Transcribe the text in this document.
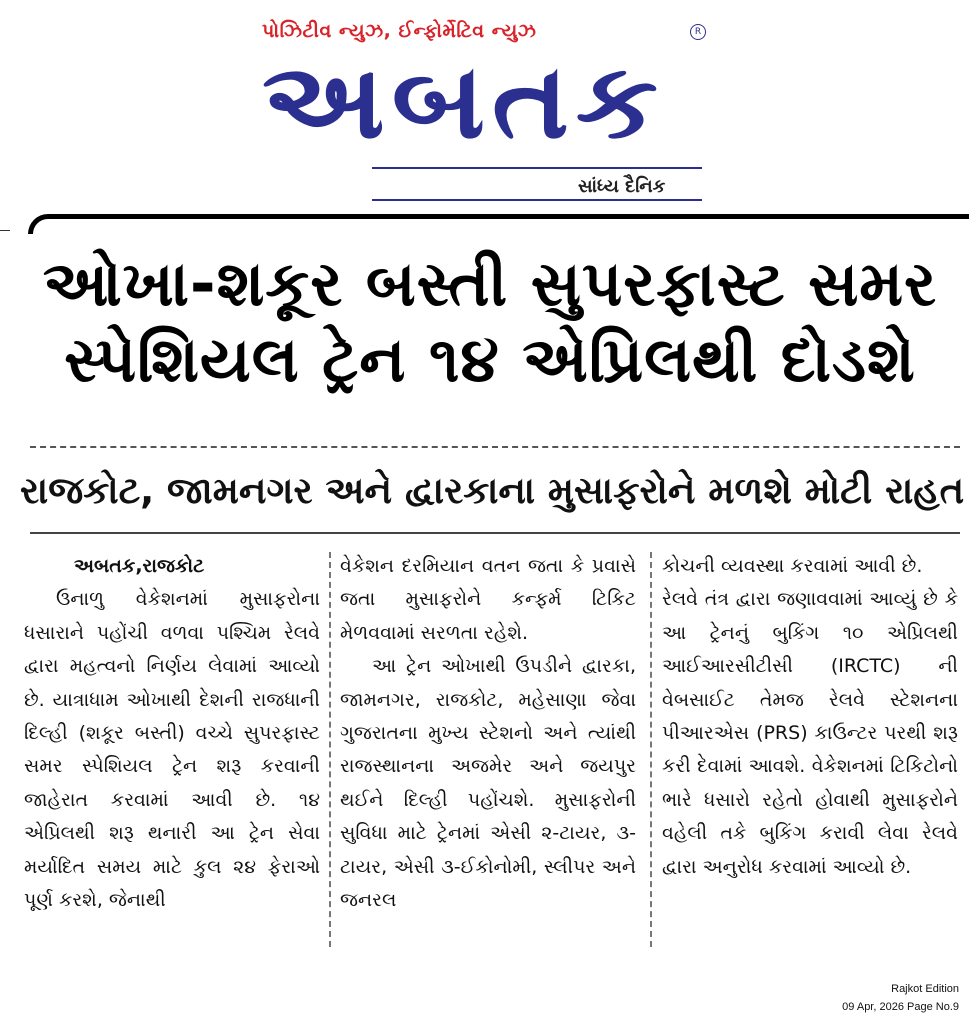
પોઝિટીવ ન્યુઝ, ઈન્ફોર્મેટિવ ન્યુઝ	R
અબતક
સાંધ્ય દૈનિક
ઓખા-શકૂર બસ્તી સુપરફાસ્ટ સમર
સ્પેશિયલ ટ્રેન ૧૪ એપ્રિલથી દોડશે
રાજકોટ, જામનગર અને દ્વારકાના મુસાફરોને મળશે મોટી રાહત
અબતક,રાજકોટ

ઉનાળુ વેકેશનમાં મુસાફરોના ધસારાને પહોંચી વળવા પશ્ચિમ રેલવે દ્વારા મહત્વનો નિર્ણય લેવામાં આવ્યો છે. યાત્રાધામ ઓખાથી દેશની રાજધાની દિલ્હી (શકૂર બસ્તી) વચ્ચે સુપરફાસ્ટ સમર સ્પેશિયલ ટ્રેન શરૂ કરવાની જાહેરાત કરવામાં આવી છે. ૧૪ એપ્રિલથી શરૂ થનારી આ ટ્રેન સેવા મર્યાદિત સમય માટે કુલ ૨૪ ફેરાઓ પૂર્ણ કરશે, જેનાથી

વેકેશન દરમિયાન વતન જતા કે પ્રવાસે જતા મુસાફરોને કન્ફર્મ ટિકિટ મેળવવામાં સરળતા રહેશે.

આ ટ્રેન ઓખાથી ઉપડીને દ્વારકા, જામનગર, રાજકોટ, મહેસાણા જેવા ગુજરાતના મુખ્ય સ્ટેશનો અને ત્યાંથી રાજસ્થાનના અજમેર અને જયપુર થઈને દિલ્હી પહોંચશે. મુસાફરોની સુવિધા માટે ટ્રેનમાં એસી ૨-ટાયર, ૩-ટાયર, એસી ૩-ઈકોનોમી, સ્લીપર અને જનરલ

કોચની વ્યવસ્થા કરવામાં આવી છે.

રેલવે તંત્ર દ્વારા જણાવવામાં આવ્યું છે કે આ ટ્રેનનું બુકિંગ ૧૦ એપ્રિલથી આઈઆરસીટીસી (IRCTC) ની વેબસાઈટ તેમજ રેલવે સ્ટેશનના પીઆરએસ (PRS) કાઉન્ટર પરથી શરૂ કરી દેવામાં આવશે. વેકેશનમાં ટિકિટોનો ભારે ધસારો રહેતો હોવાથી મુસાફરોને વહેલી તકે બુકિંગ કરાવી લેવા રેલવે દ્વારા અનુરોધ કરવામાં આવ્યો છે.

Rajkot Edition
09 Apr, 2026 Page No.9
